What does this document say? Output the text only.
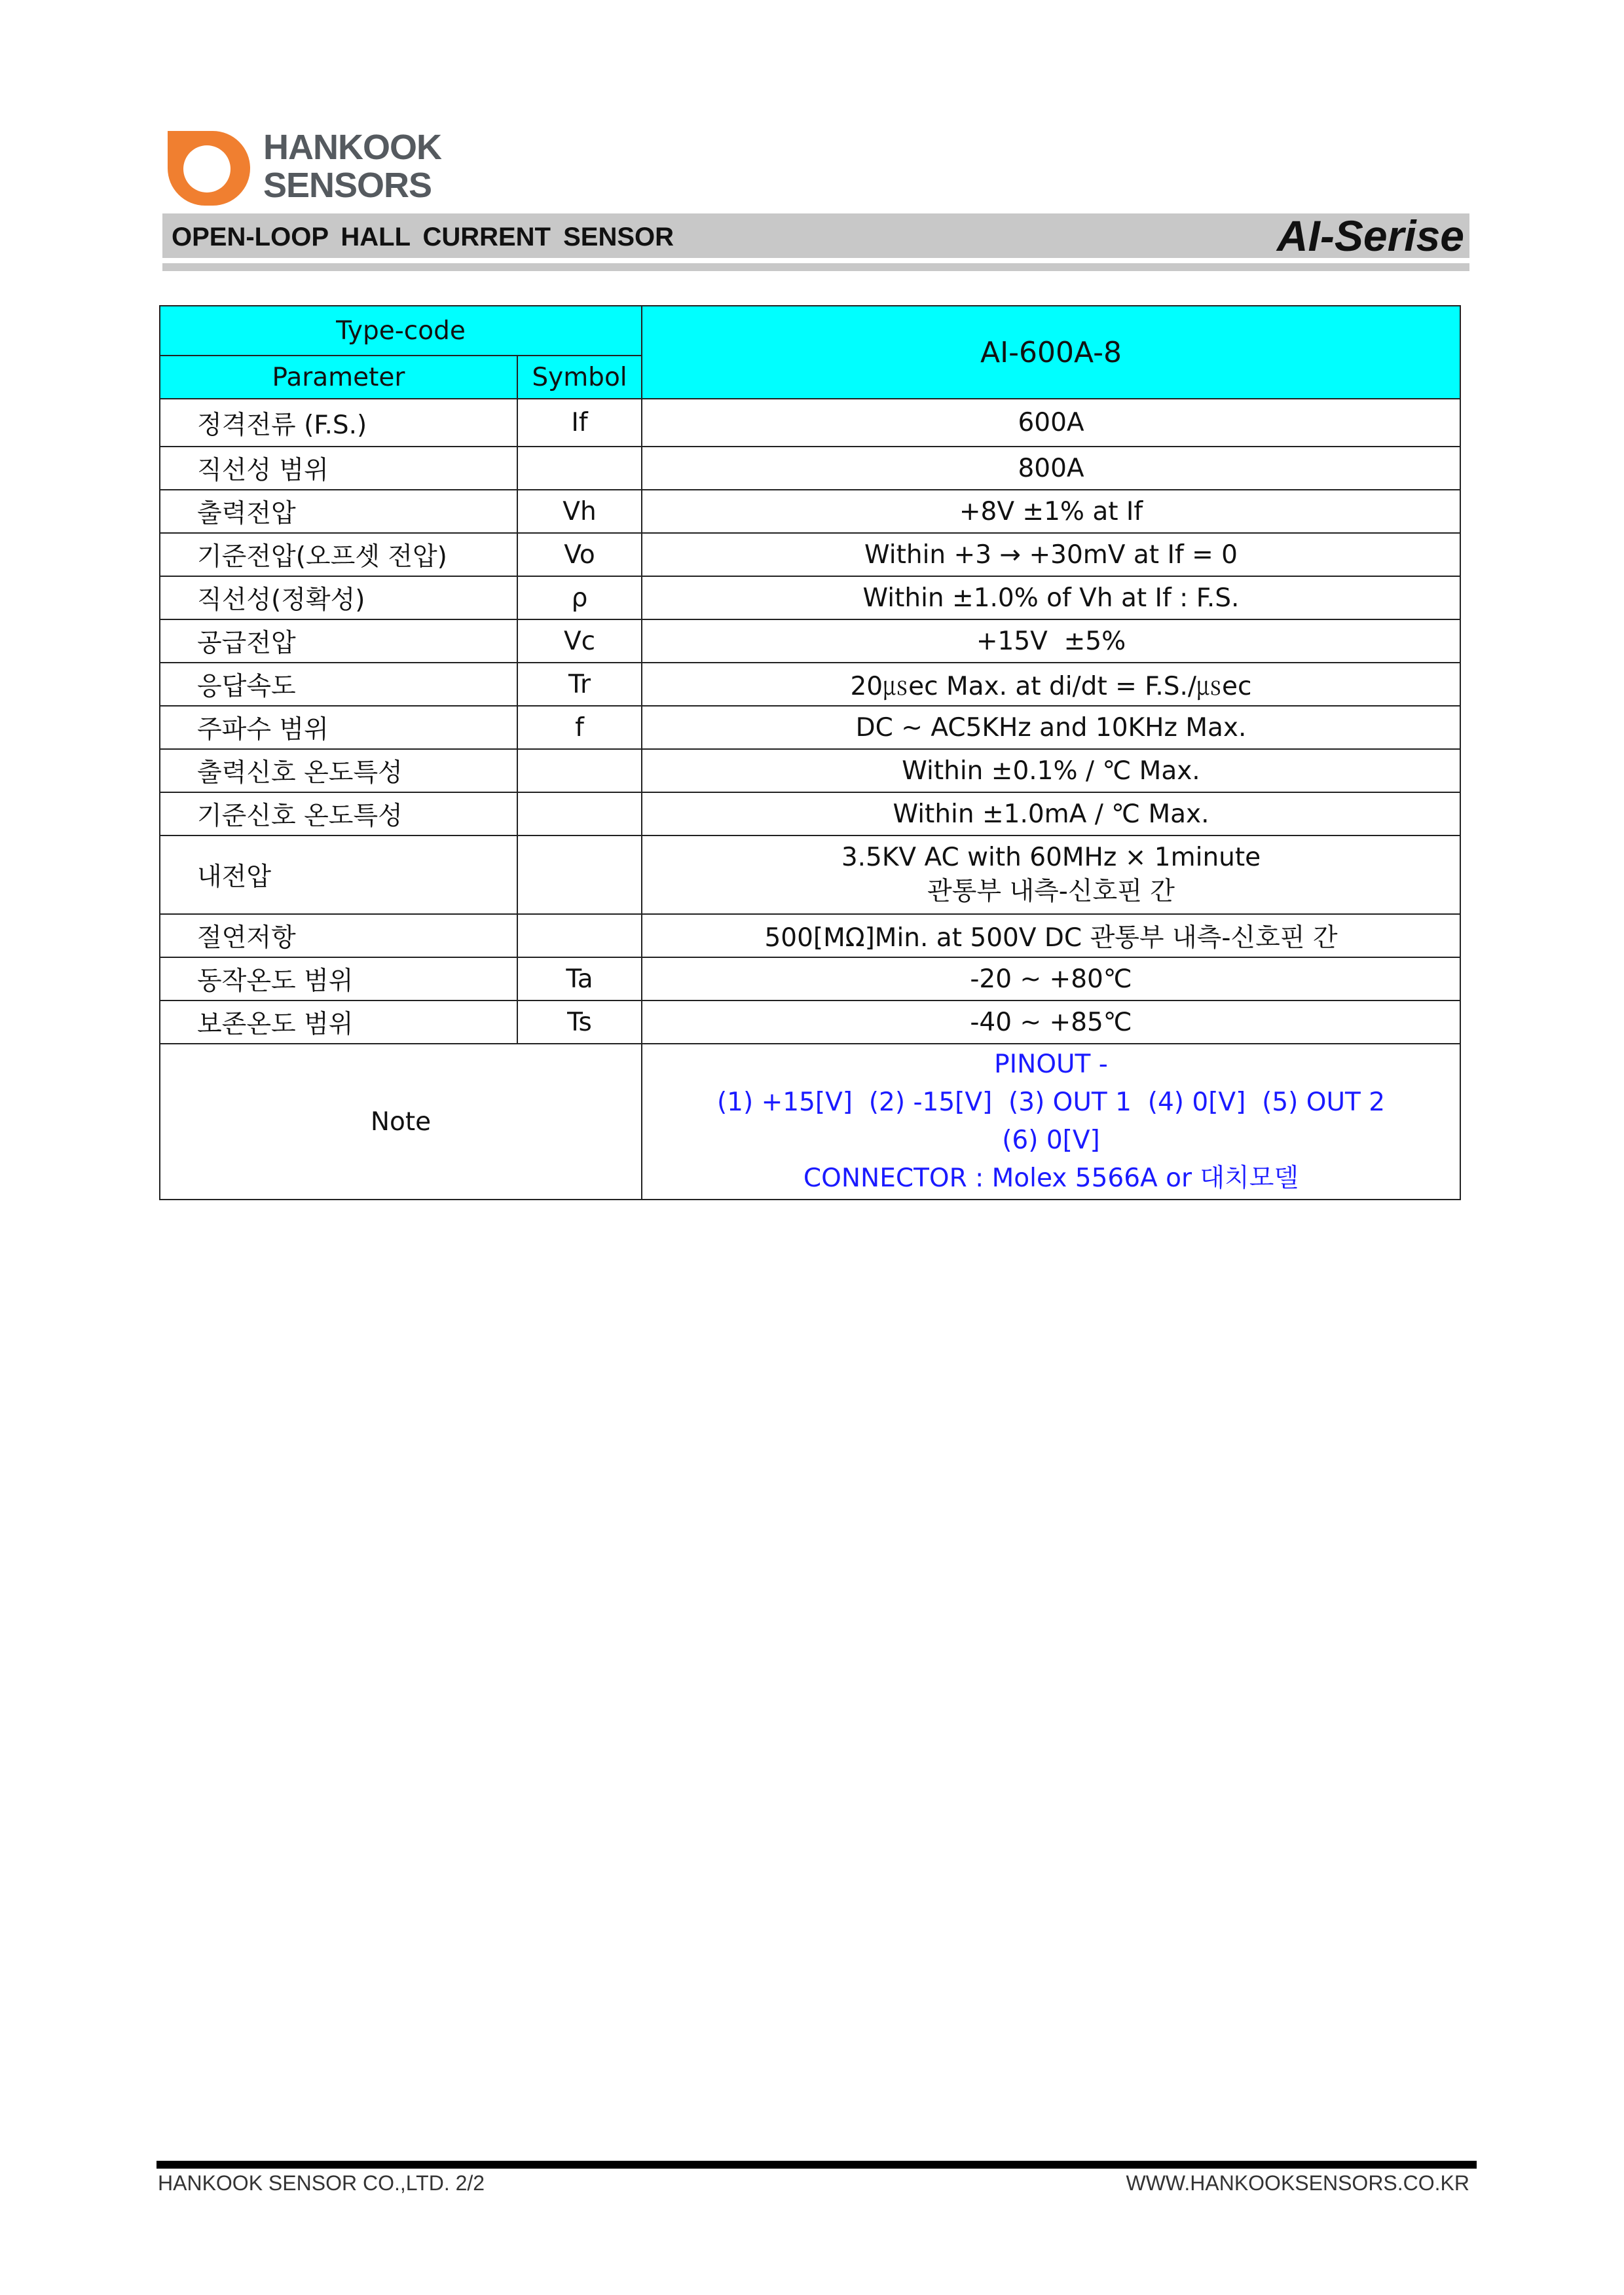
HANKOOK
SENSORS
OPEN-LOOP HALL CURRENT SENSOR	AI-Serise
Type-code		AI-600A-8
Parameter	Symbol	
정격전류 (F.S.)	If	600A
직선성 범위		800A
출력전압	Vh	+8V ±1% at If
기준전압(오프셋 전압)	Vo	Within +3 → +30mV at If = 0
직선성(정확성)	ρ	Within ±1.0% of Vh at If : F.S.
공급전압	Vc	+15V  ±5%
응답속도	Tr	20㎲ec Max. at di/dt = F.S./㎲ec
주파수 범위	f	DC ~ AC5KHz and 10KHz Max.
출력신호 온도특성		Within ±0.1% / ℃ Max.
기준신호 온도특성		Within ±1.0mA / ℃ Max.
내전압		3.5KV AC with 60MHz × 1minute
관통부 내측-신호핀 간

절연저항		500[MΩ]Min. at 500V DC 관통부 내측-신호핀 간
동작온도 범위	Ta	-20 ~ +80℃
보존온도 범위	Ts	-40 ~ +85℃
Note		PINOUT -
(1) +15[V]  (2) -15[V]  (3) OUT 1  (4) 0[V]  (5) OUT 2
(6) 0[V]
CONNECTOR : Molex 5566A or 대치모델
HANKOOK SENSOR CO.,LTD. 2/2	WWW.HANKOOKSENSORS.CO.KR
